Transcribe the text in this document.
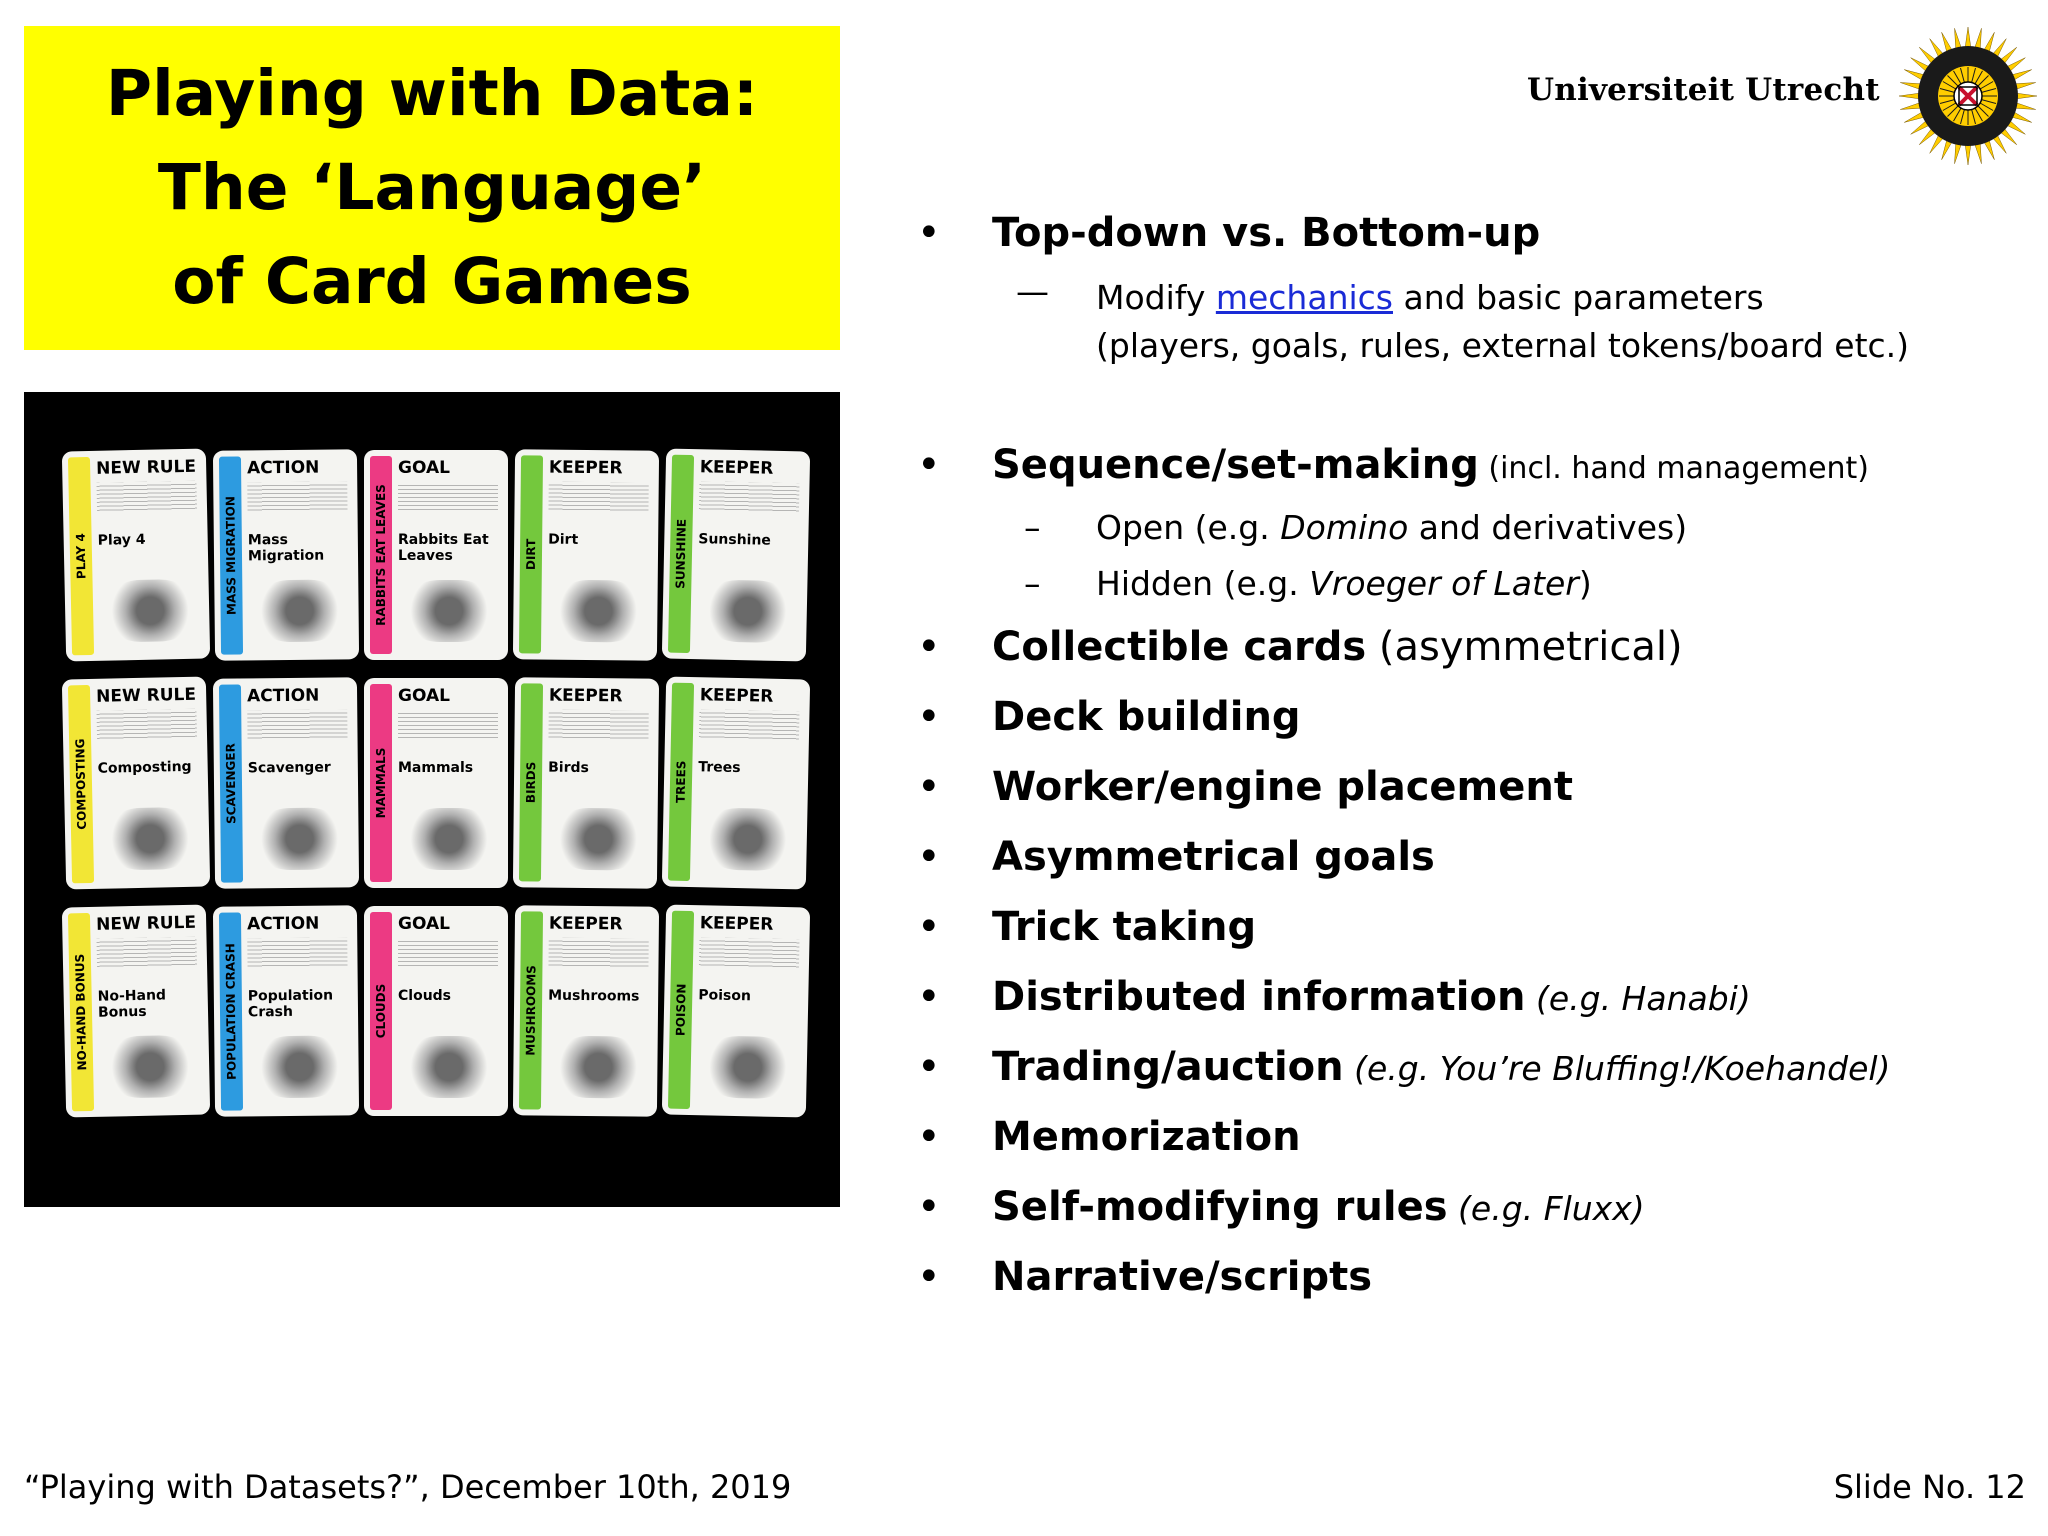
Playing with Data:
The ‘Language’
of Card Games
Universiteit Utrecht
PLAY 4
NEW RULE
Play 4	MASS MIGRATION
ACTION
Mass Migration	RABBITS EAT LEAVES
GOAL
Rabbits Eat Leaves	DIRT
KEEPER
Dirt	SUNSHINE
KEEPER
Sunshine
COMPOSTING
NEW RULE
Composting	SCAVENGER
ACTION
Scavenger	MAMMALS
GOAL
Mammals	BIRDS
KEEPER
Birds	TREES
KEEPER
Trees
NO-HAND BONUS
NEW RULE
No-Hand Bonus	POPULATION CRASH
ACTION
Population Crash	CLOUDS
GOAL
Clouds	MUSHROOMS
KEEPER
Mushrooms	POISON
KEEPER
Poison
• Top-down vs. Bottom-up
— Modify mechanics and basic parameters
(players, goals, rules, external tokens/board etc.)
• Sequence/set-making (incl. hand management)
– Open (e.g. Domino and derivatives)
– Hidden (e.g. Vroeger of Later)
• Collectible cards (asymmetrical)
• Deck building
• Worker/engine placement
• Asymmetrical goals
• Trick taking
• Distributed information (e.g. Hanabi)
• Trading/auction (e.g. You’re Bluffing!/Koehandel)
• Memorization
• Self-modifying rules (e.g. Fluxx)
• Narrative/scripts
“Playing with Datasets?”, December 10th, 2019	Slide No. 12
